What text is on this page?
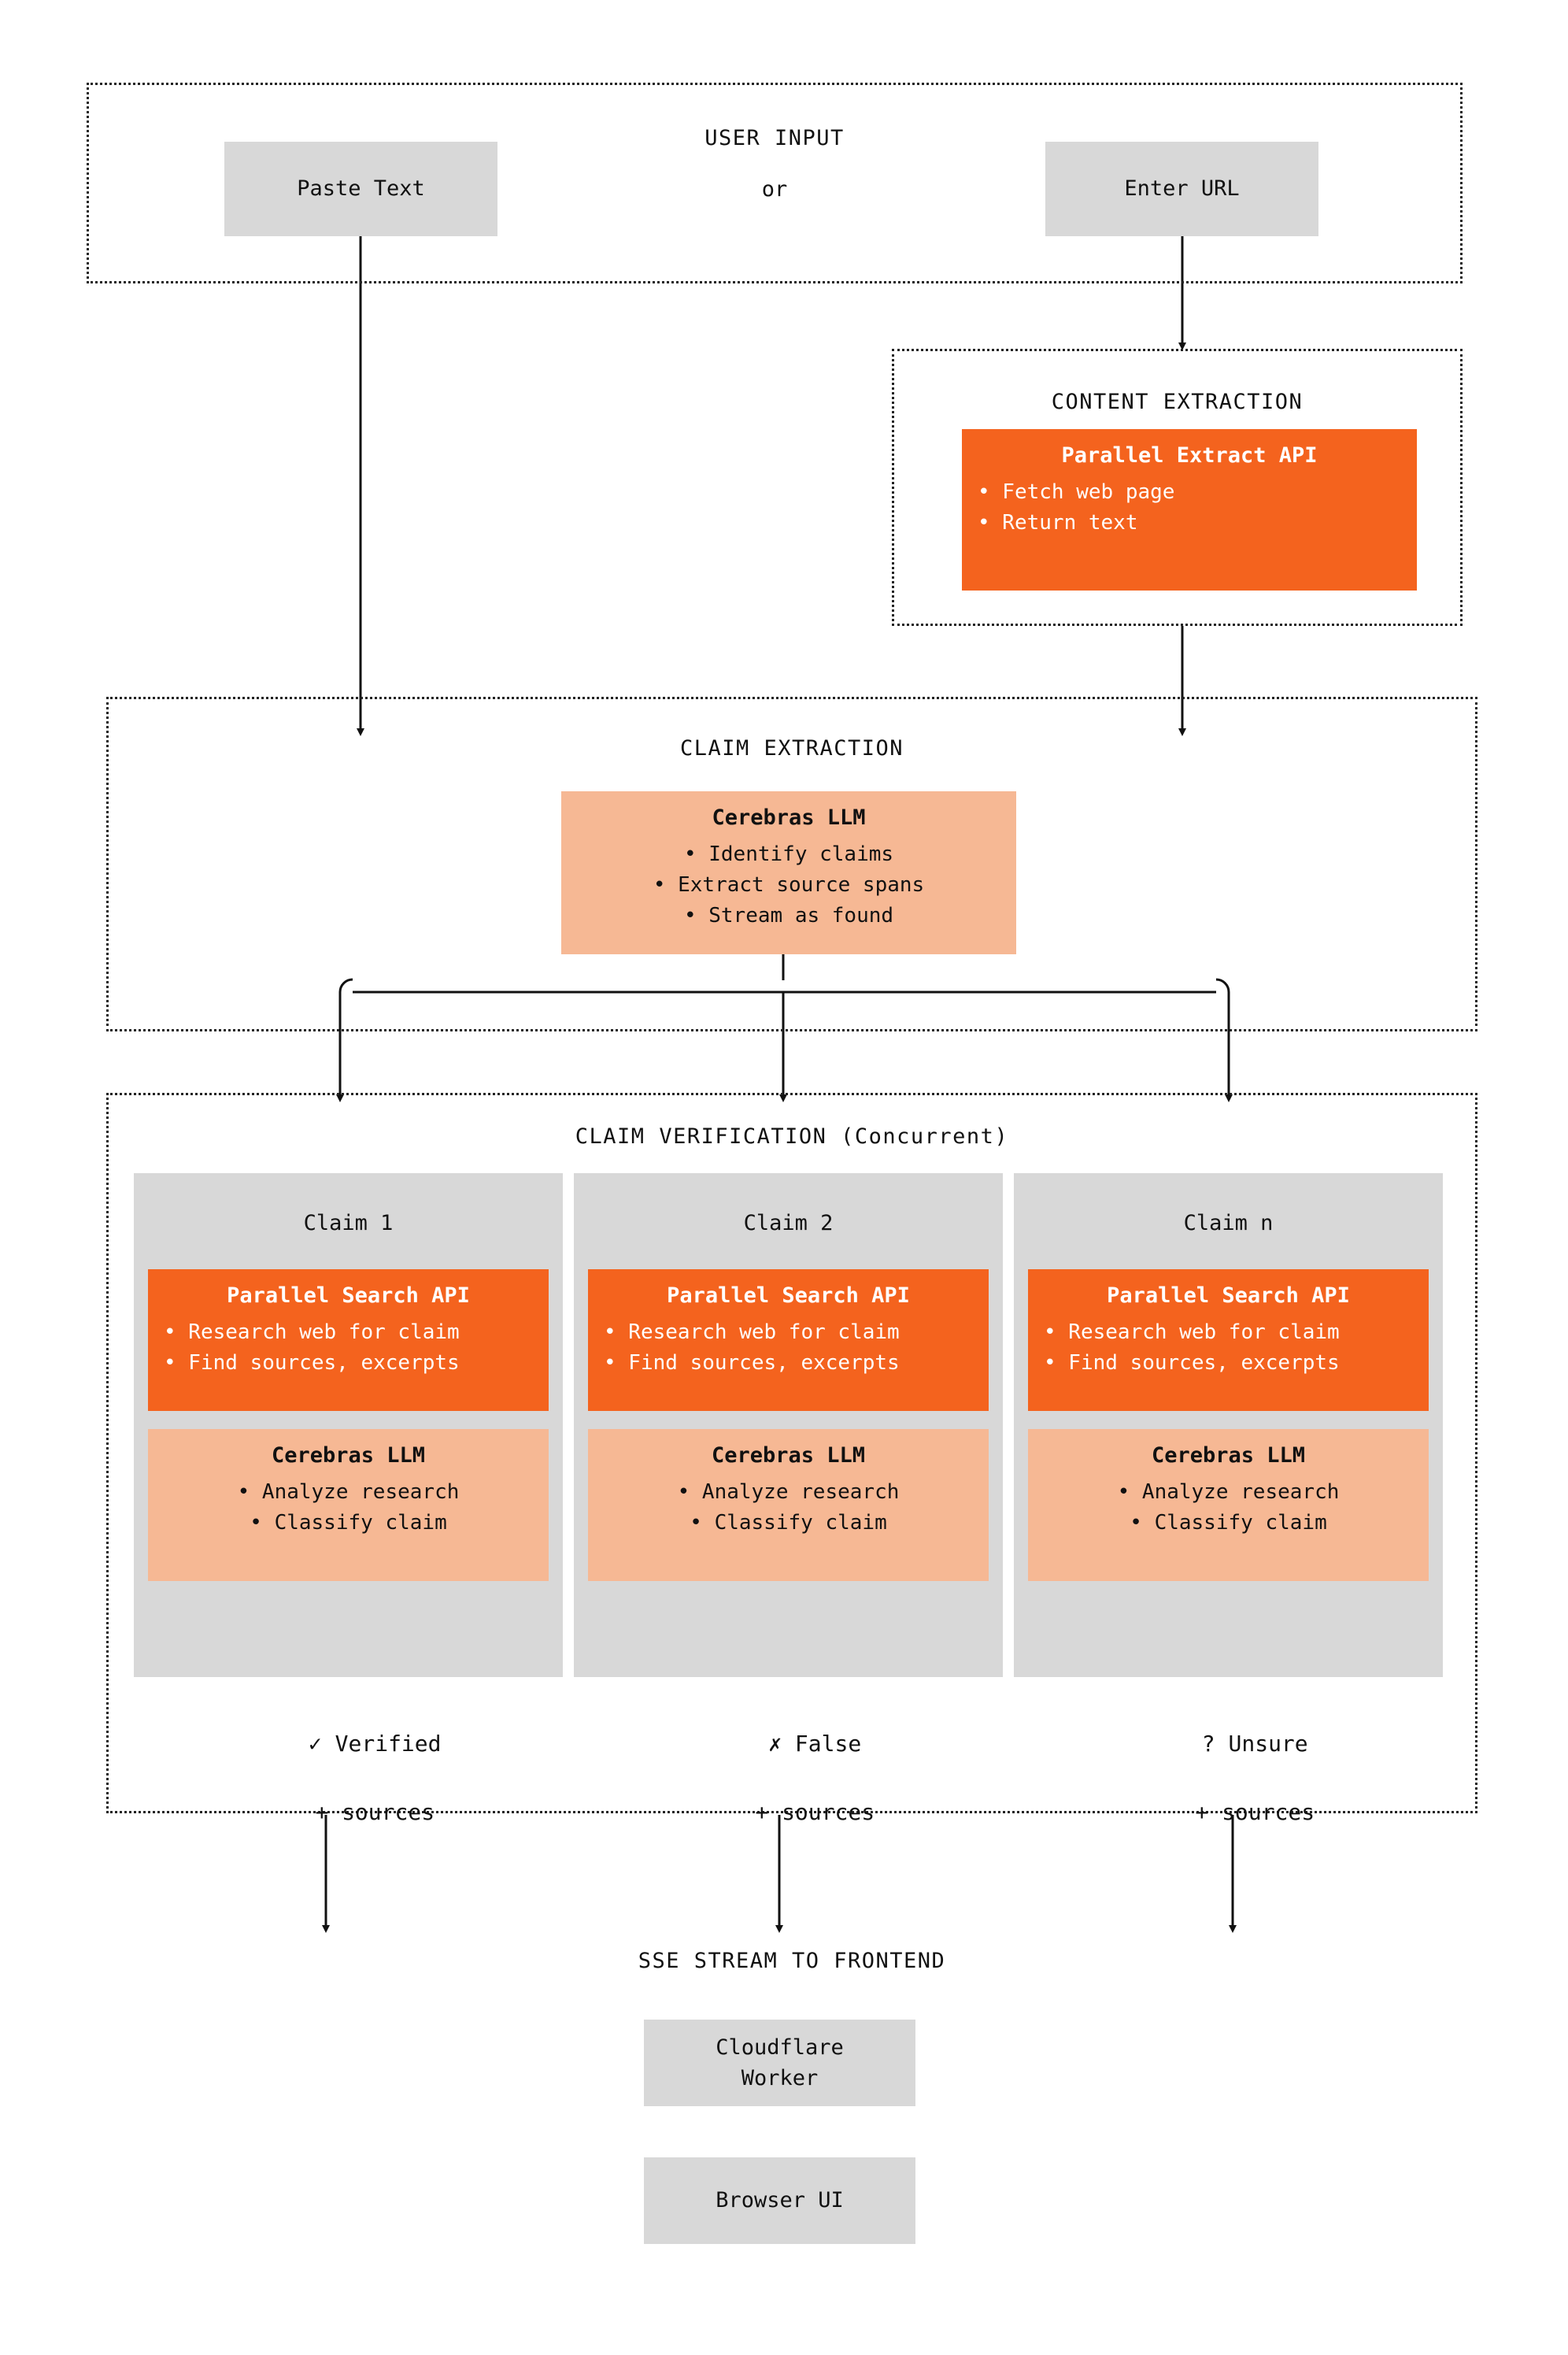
USER INPUT
Paste Text	or	Enter URL
CONTENT EXTRACTION
Parallel Extract API
• Fetch web page
• Return text
CLAIM EXTRACTION
Cerebras LLM
• Identify claims
• Extract source spans
• Stream as found
CLAIM VERIFICATION (Concurrent)
Claim 1
Parallel Search API
• Research web for claim
• Find sources, excerpts
Cerebras LLM
• Analyze research
• Classify claim

✓ Verified

+ sources

Claim 2
Parallel Search API
• Research web for claim
• Find sources, excerpts
Cerebras LLM
• Analyze research
• Classify claim

✗ False

+ sources

Claim n
Parallel Search API
• Research web for claim
• Find sources, excerpts
Cerebras LLM
• Analyze research
• Classify claim

? Unsure

+ sources

SSE STREAM TO FRONTEND
Cloudflare
Worker
Browser UI
